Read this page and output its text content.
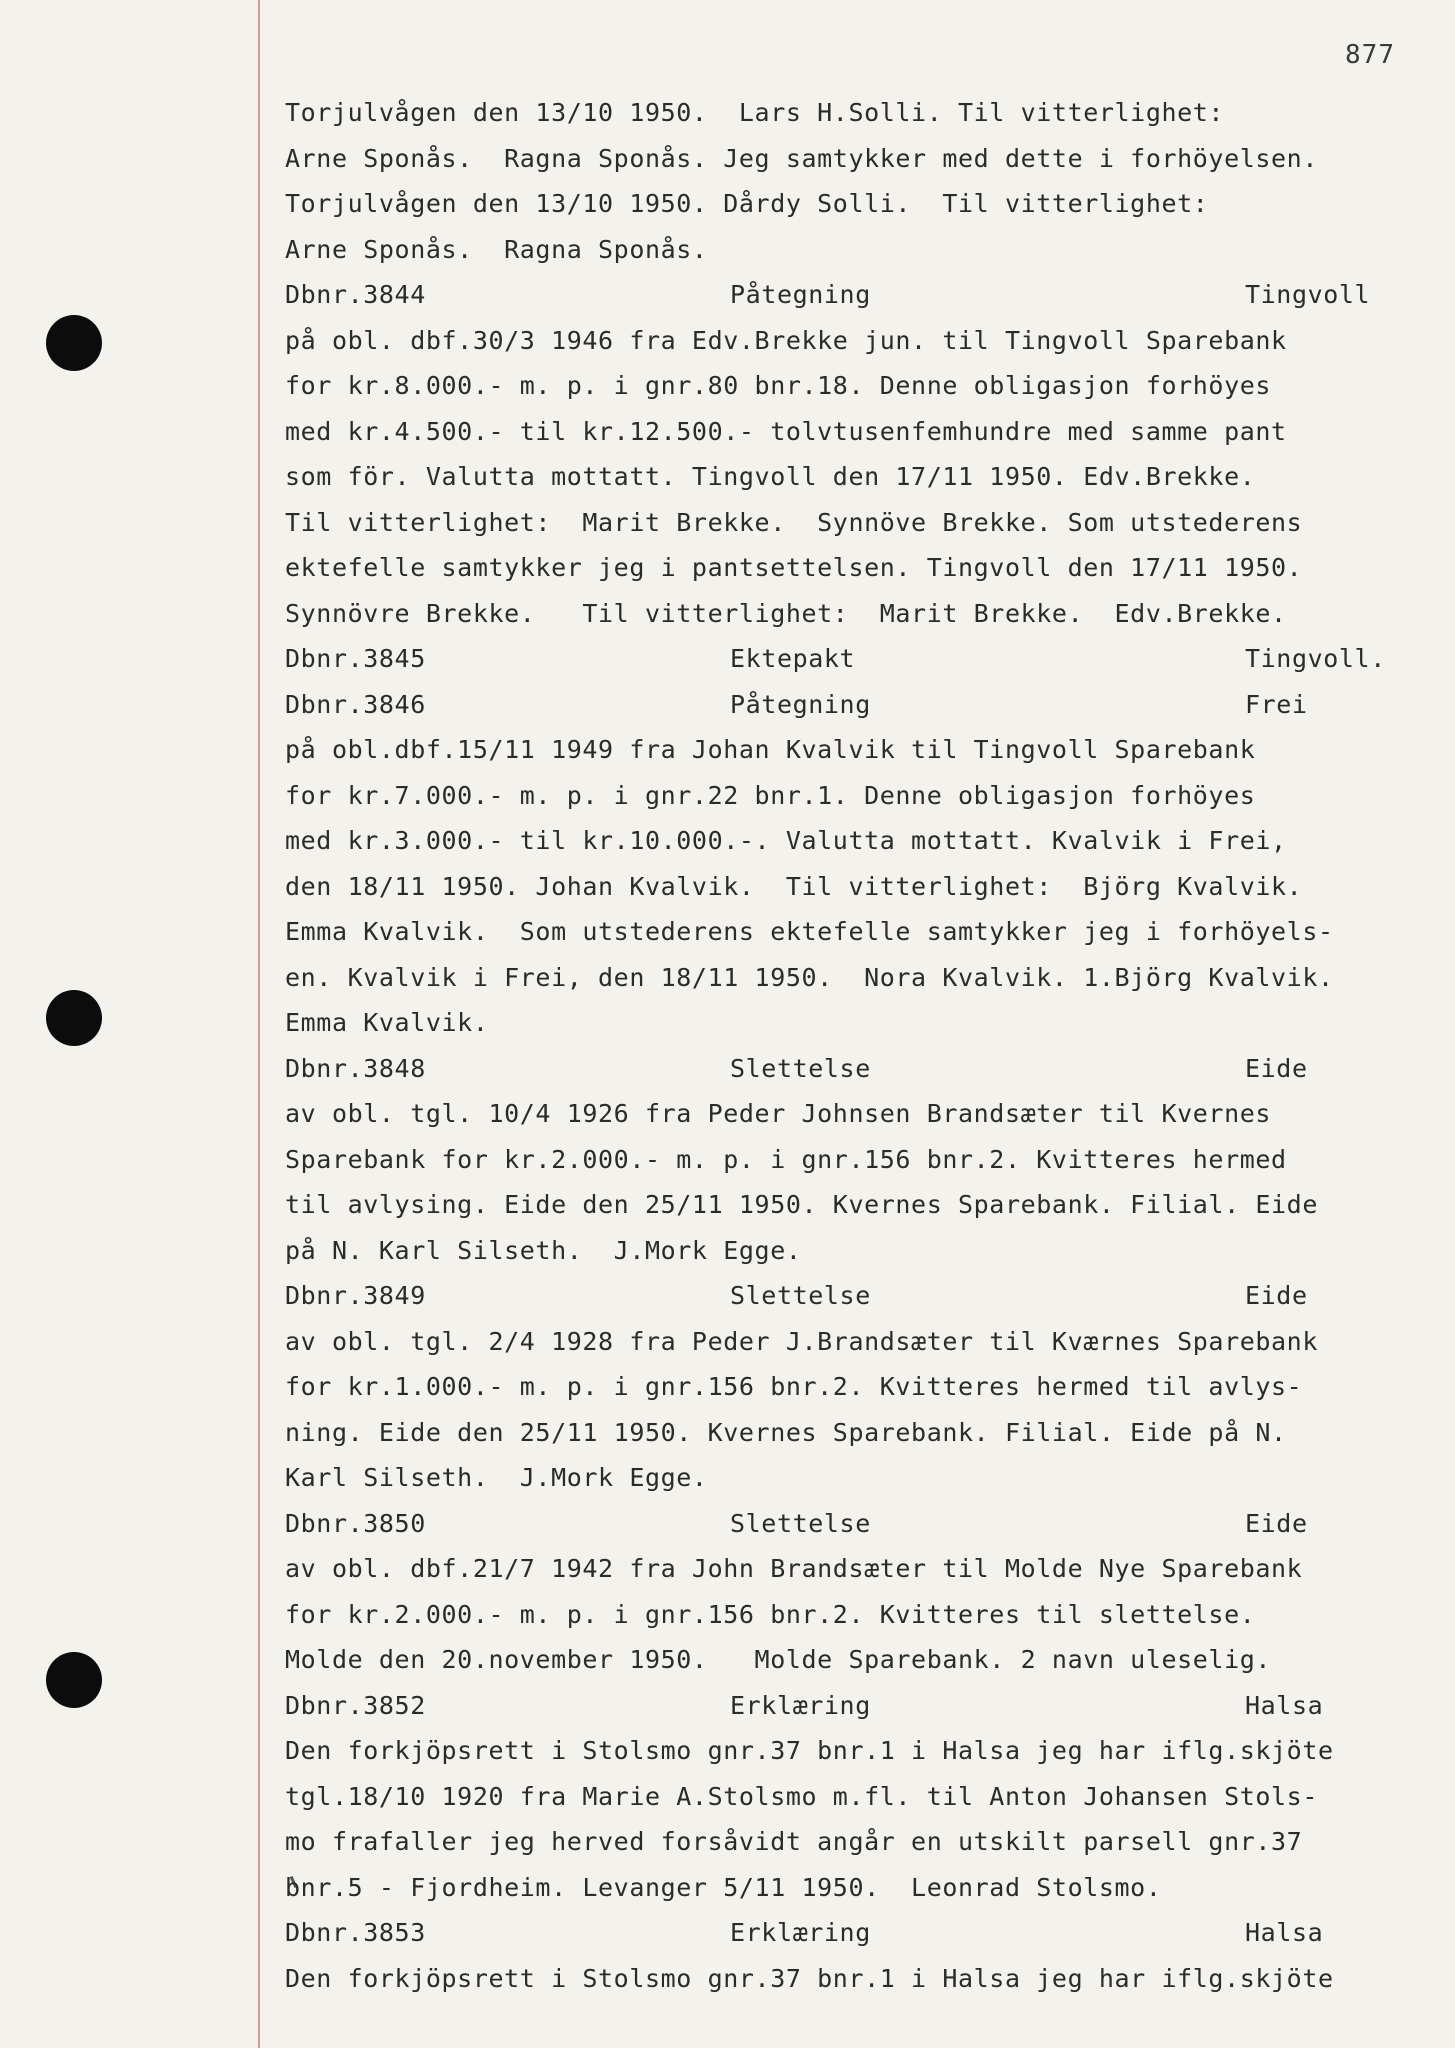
877
Torjulvågen den 13/10 1950.  Lars H.Solli. Til vitterlighet:
Arne Sponås.  Ragna Sponås. Jeg samtykker med dette i forhöyelsen.
Torjulvågen den 13/10 1950. Dårdy Solli.  Til vitterlighet:
Arne Sponås.  Ragna Sponås.
Dbnr.3844	Påtegning	Tingvoll
på obl. dbf.30/3 1946 fra Edv.Brekke jun. til Tingvoll Sparebank
for kr.8.000.- m. p. i gnr.80 bnr.18. Denne obligasjon forhöyes
med kr.4.500.- til kr.12.500.- tolvtusenfemhundre med samme pant
som för. Valutta mottatt. Tingvoll den 17/11 1950. Edv.Brekke.
Til vitterlighet:  Marit Brekke.  Synnöve Brekke. Som utstederens
ektefelle samtykker jeg i pantsettelsen. Tingvoll den 17/11 1950.
Synnövre Brekke.   Til vitterlighet:  Marit Brekke.  Edv.Brekke.
Dbnr.3845	Ektepakt	Tingvoll.
Dbnr.3846	Påtegning	Frei
på obl.dbf.15/11 1949 fra Johan Kvalvik til Tingvoll Sparebank
for kr.7.000.- m. p. i gnr.22 bnr.1. Denne obligasjon forhöyes
med kr.3.000.- til kr.10.000.-. Valutta mottatt. Kvalvik i Frei,
den 18/11 1950. Johan Kvalvik.  Til vitterlighet:  Björg Kvalvik.
Emma Kvalvik.  Som utstederens ektefelle samtykker jeg i forhöyels-
en. Kvalvik i Frei, den 18/11 1950.  Nora Kvalvik. 1.Björg Kvalvik.
Emma Kvalvik.
Dbnr.3848	Slettelse	Eide
av obl. tgl. 10/4 1926 fra Peder Johnsen Brandsæter til Kvernes
Sparebank for kr.2.000.- m. p. i gnr.156 bnr.2. Kvitteres hermed
til avlysing. Eide den 25/11 1950. Kvernes Sparebank. Filial. Eide
på N. Karl Silseth.  J.Mork Egge.
Dbnr.3849	Slettelse	Eide
av obl. tgl. 2/4 1928 fra Peder J.Brandsæter til Kværnes Sparebank
for kr.1.000.- m. p. i gnr.156 bnr.2. Kvitteres hermed til avlys-
ning. Eide den 25/11 1950. Kvernes Sparebank. Filial. Eide på N.
Karl Silseth.  J.Mork Egge.
Dbnr.3850	Slettelse	Eide
av obl. dbf.21/7 1942 fra John Brandsæter til Molde Nye Sparebank
for kr.2.000.- m. p. i gnr.156 bnr.2. Kvitteres til slettelse.
Molde den 20.november 1950.   Molde Sparebank. 2 navn uleselig.
Dbnr.3852	Erklæring	Halsa
Den forkjöpsrett i Stolsmo gnr.37 bnr.1 i Halsa jeg har iflg.skjöte
tgl.18/10 1920 fra Marie A.Stolsmo m.fl. til Anton Johansen Stols-
mo frafaller jeg herved forsåvidt angår en utskilt parsell gnr.37
bnr.5 - Fjordheim. Levanger 5/11 1950.  Leonrad Stolsmo.
Dbnr.3853	Erklæring	Halsa
Den forkjöpsrett i Stolsmo gnr.37 bnr.1 i Halsa jeg har iflg.skjöte
